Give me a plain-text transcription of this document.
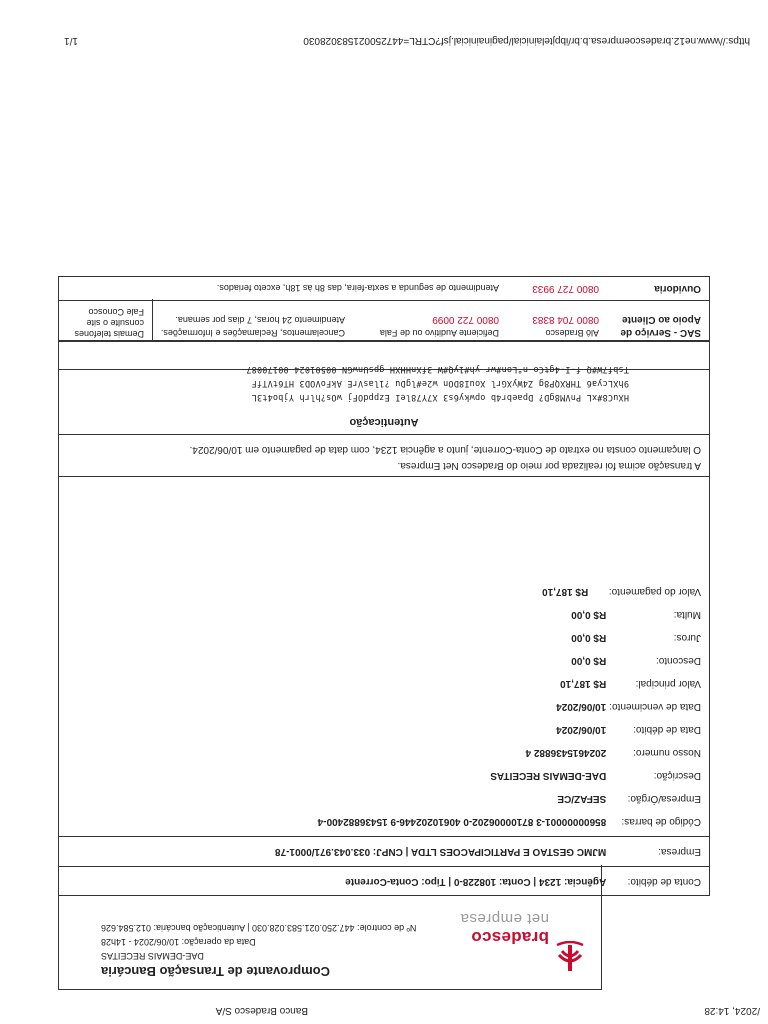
/2024, 14:28
Banco Bradesco S/A
bradesco
net empresa
Comprovante de Transação Bancária
DAE-DEMAIS RECEITAS
Data da operação: 10/06/2024 - 14h28
Nº de controle: 447.250.021.583.028.030 | Autenticação bancária: 012.584.626
Conta de débito: Agência: 1234 | Conta: 108228-0 | Tipo: Conta-Corrente
Empresa: MJMC GESTAO E PARTICIPACOES LTDA | CNPJ: 033.043.971/0001-78
Código de barras: 85600000001-3 87100006202-0 40610202446-9 15436882400-4
Empresa/Órgão: SEFAZ/CE
Descrição: DAE-DEMAIS RECEITAS
Nosso numero: 2024615436882 4
Data de débito: 10/06/2024
Data de vencimento: 10/06/2024
Valor principal: R$ 187,10
Desconto: R$ 0,00
Juros: R$ 0,00
Multa: R$ 0,00
Valor do pagamento: R$ 187,10
A transação acima foi realizada por meio do Bradesco Net Empresa.
O lançamento consta no extrato de Conta-Corrente, junto a agência 1234, com data de pagamento em 10/06/2024.
Autenticação
HXuC8#xL PnVM8gD? Dpaebr4b opwky6s3 X7Y78leI EzppdOFj wOs?hlrh Yjbo4t3L
9hXLcya6 THRXQP8g Z4WyXGrl XouI8DOn w2e#lgDu ?1lasVrE AkFoVOD3 HT6tVTfF
Tsbf7W#Q f-I-4gtCo n°Lon#wr yh#1yQ#W 3fXnHHXH gpsUnwGN 00501024 00170087
SAC - Serviço de
Apoio ao Cliente
Alô Bradesco
0800 704 8383
Deficiente Auditivo ou de Fala
0800 722 0099
Cancelamentos, Reclamações e Informações.
Atendimento 24 horas, 7 dias por semana.
Demais telefones
consulte o site
Fale Conosco
Ouvidoria
0800 727 9933
Atendimento de segunda a sexta-feira, das 8h às 18h, exceto feriados.
https://www.ne12.bradescoempresa.b.br/ibpjtelainicial/paginainicial.jsf?CTRL=447250021583028030
1/1
